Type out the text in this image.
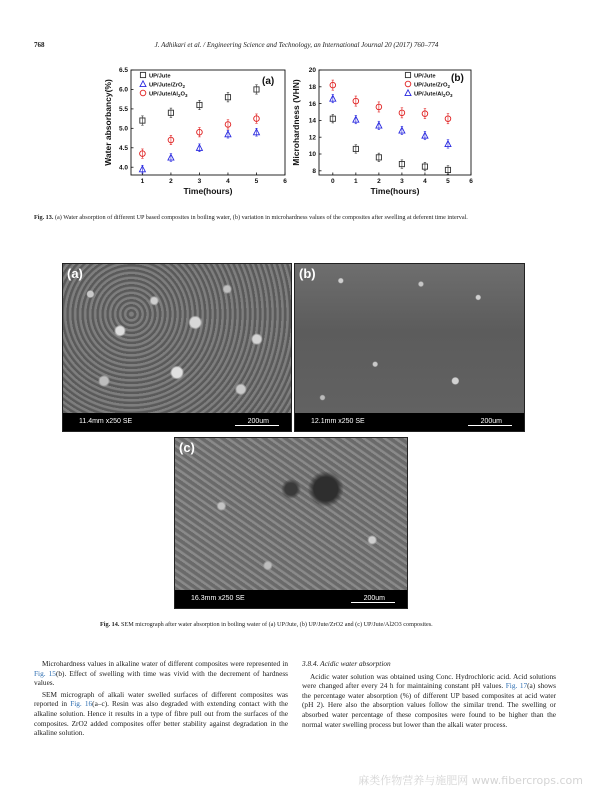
768	J. Adhikari et al. / Engineering Science and Technology, an International Journal 20 (2017) 760–774
1	2	3	4	5	6
4.0
4.5
5.0
5.5
6.0
6.5
Time(hours)
Water absorbancy(%)
UP/Jute
UP/Jute/ZrO$_2$
$UP/Jute/Al_2O_3$
(a)
0	1	2	3	4	5	6
8
10
12
14
16
18
20
Time(hours)
Microhardness (VHN)
UP/Jute
UP/Jute/ZrO$_2$
$UP/Jute/Al_2O_3$
(b)
Fig. 13. (a) Water absorption of different UP based composites in boiling water, (b) variation in microhardness values of the composites after swelling at deferent time interval.
(a)
11.4mm x250 SE	200um
(b)
12.1mm x250 SE	200um
(c)
16.3mm x250 SE	200um
Fig. 14. SEM micrograph after water absorption in boiling water of (a) UP/Jute, (b) UP/Jute/ZrO2 and (c) UP/Jute/Al2O3 composites.

Microhardness values in alkaline water of different composites were represented in Fig. 15(b). Effect of swelling with time was vivid with the decrement of hardness values.

SEM micrograph of alkali water swelled surfaces of different composites was reported in Fig. 16(a–c). Resin was also degraded with extending contact with the alkaline solution. Hence it results in a type of fibre pull out from the surfaces of the composites. ZrO2 added composites offer better stability against degradation in the alkaline solution.

3.8.4. Acidic water absorption

Acidic water solution was obtained using Conc. Hydrochloric acid. Acid solutions were changed after every 24 h for maintaining constant pH values. Fig. 17(a) shows the percentage water absorption (%) of different UP based composites at acid water (pH 2). Here also the absorption values follow the similar trend. The swelling or absorbed water percentage of these composites were found to be higher than the normal water swelling process but lower than the alkali water process.

麻类作物营养与施肥网 www.fibercrops.com
